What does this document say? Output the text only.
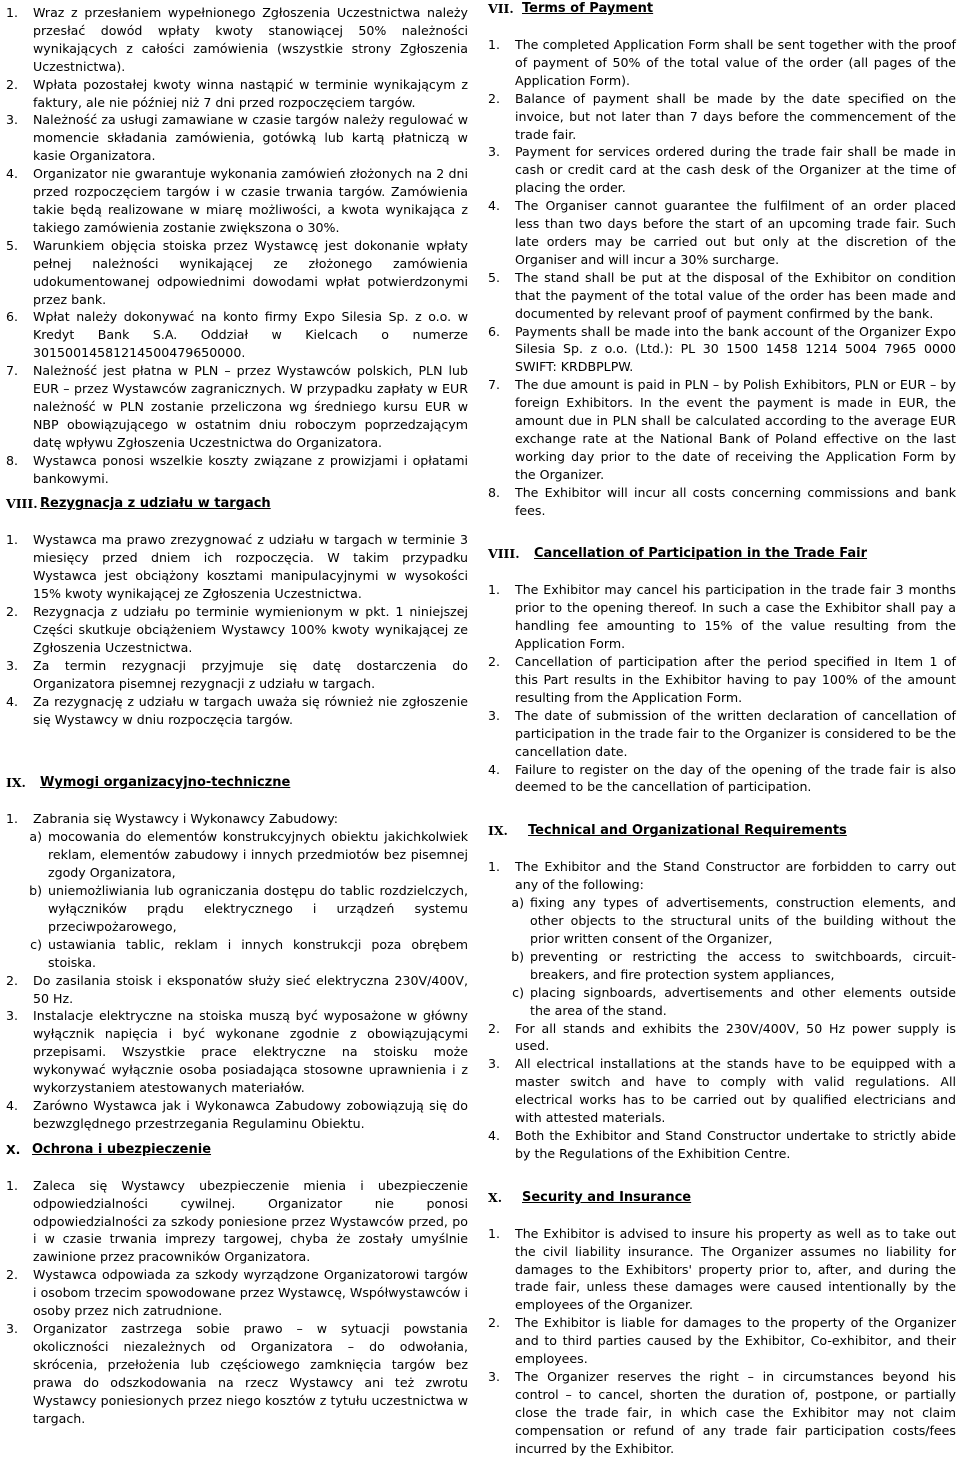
1.	Wraz z przesłaniem wypełnionego Zgłoszenia Uczestnictwa należy przesłać dowód wpłaty kwoty stanowiącej 50% należności wynikających z całości zamówienia (wszystkie strony Zgłoszenia Uczestnictwa).
2.	Wpłata pozostałej kwoty winna nastąpić w terminie wynikającym z faktury, ale nie później niż 7 dni przed rozpoczęciem targów.
3.	Należność za usługi zamawiane w czasie targów należy regulować w momencie składania zamówienia, gotówką lub kartą płatniczą w kasie Organizatora.
4.	Organizator nie gwarantuje wykonania zamówień złożonych na 2 dni przed rozpoczęciem targów i w czasie trwania targów. Zamówienia takie będą realizowane w miarę możliwości, a kwota wynikająca z takiego zamówienia zostanie zwiększona o 30%.
5.	Warunkiem objęcia stoiska przez Wystawcę jest dokonanie wpłaty pełnej należności wynikającej ze złożonego zamówienia udokumentowanej odpowiednimi dowodami wpłat potwierdzonymi przez bank.
6.	Wpłat należy dokonywać na konto firmy Expo Silesia Sp. z o.o. w Kredyt Bank S.A. Oddział w Kielcach o numerze 30150014581214500479650000.
7.	Należność jest płatna w PLN – przez Wystawców polskich, PLN lub EUR – przez Wystawców zagranicznych. W przypadku zapłaty w EUR należność w PLN zostanie przeliczona wg średniego kursu EUR w NBP obowiązującego w ostatnim dniu roboczym poprzedzającym datę wpływu Zgłoszenia Uczestnictwa do Organizatora.
8.	Wystawca ponosi wszelkie koszty związane z prowizjami i opłatami bankowymi.
VIII. Rezygnacja z udziału w targach
1.	Wystawca ma prawo zrezygnować z udziału w targach w terminie 3 miesięcy przed dniem ich rozpoczęcia. W takim przypadku Wystawca jest obciążony kosztami manipulacyjnymi w wysokości 15% kwoty wynikającej ze Zgłoszenia Uczestnictwa.
2.	Rezygnacja z udziału po terminie wymienionym w pkt. 1 niniejszej Części skutkuje obciążeniem Wystawcy 100% kwoty wynikającej ze Zgłoszenia Uczestnictwa.
3.	Za termin rezygnacji przyjmuje się datę dostarczenia do Organizatora pisemnej rezygnacji z udziału w targach.
4.	Za rezygnację z udziału w targach uważa się również nie zgłoszenie się Wystawcy w dniu rozpoczęcia targów.
IX.	Wymogi organizacyjno-techniczne
1.	Zabrania się Wystawcy i Wykonawcy Zabudowy:
a) mocowania do elementów konstrukcyjnych obiektu jakichkolwiek reklam, elementów zabudowy i innych przedmiotów bez pisemnej zgody Organizatora,
b) uniemożliwiania lub ograniczania dostępu do tablic rozdzielczych, wyłączników prądu elektrycznego i urządzeń systemu przeciwpożarowego,
c) ustawiania tablic, reklam i innych konstrukcji poza obrębem stoiska.
2.	Do zasilania stoisk i eksponatów służy sieć elektryczna 230V/400V, 50 Hz.
3.	Instalacje elektryczne na stoiska muszą być wyposażone w główny wyłącznik napięcia i być wykonane zgodnie z obowiązującymi przepisami. Wszystkie prace elektryczne na stoisku może wykonywać wyłącznie osoba posiadająca stosowne uprawnienia i z wykorzystaniem atestowanych materiałów.
4.	Zarówno Wystawca jak i Wykonawca Zabudowy zobowiązują się do bezwzględnego przestrzegania Regulaminu Obiektu.
X. Ochrona i ubezpieczenie
1.	Zaleca się Wystawcy ubezpieczenie mienia i ubezpieczenie odpowiedzialności cywilnej. Organizator nie ponosi odpowiedzialności za szkody poniesione przez Wystawców przed, po i w czasie trwania imprezy targowej, chyba że zostały umyślnie zawinione przez pracowników Organizatora.
2.	Wystawca odpowiada za szkody wyrządzone Organizatorowi targów i osobom trzecim spowodowane przez Wystawcę, Współwystawców i osoby przez nich zatrudnione.
3.	Organizator zastrzega sobie prawo – w sytuacji powstania okoliczności niezależnych od Organizatora – do odwołania, skrócenia, przełożenia lub częściowego zamknięcia targów bez prawa do odszkodowania na rzecz Wystawcy ani też zwrotu Wystawcy poniesionych przez niego kosztów z tytułu uczestnictwa w targach.
VII. Terms of Payment
1.	The completed Application Form shall be sent together with the proof of payment of 50% of the total value of the order (all pages of the Application Form).
2.	Balance of payment shall be made by the date specified on the invoice, but not later than 7 days before the commencement of the trade fair.
3.	Payment for services ordered during the trade fair shall be made in cash or credit card at the cash desk of the Organizer at the time of placing the order.
4.	The Organiser cannot guarantee the fulfilment of an order placed less than two days before the start of an upcoming trade fair. Such late orders may be carried out but only at the discretion of the Organiser and will incur a 30% surcharge.
5.	The stand shall be put at the disposal of the Exhibitor on condition that the payment of the total value of the order has been made and documented by relevant proof of payment confirmed by the bank.
6.	Payments shall be made into the bank account of the Organizer Expo Silesia Sp. z o.o. (Ltd.): PL 30 1500 1458 1214 5004 7965 0000 SWIFT: KRDBPLPW.
7.	The due amount is paid in PLN – by Polish Exhibitors, PLN or EUR – by foreign Exhibitors. In the event the payment is made in EUR, the amount due in PLN shall be calculated according to the average EUR exchange rate at the National Bank of Poland effective on the last working day prior to the date of receiving the Application Form by the Organizer.
8.	The Exhibitor will incur all costs concerning commissions and bank fees.
VIII.	Cancellation of Participation in the Trade Fair
1.	The Exhibitor may cancel his participation in the trade fair 3 months prior to the opening thereof. In such a case the Exhibitor shall pay a handling fee amounting to 15% of the value resulting from the Application Form.
2.	Cancellation of participation after the period specified in Item 1 of this Part results in the Exhibitor having to pay 100% of the amount resulting from the Application Form.
3.	The date of submission of the written declaration of cancellation of participation in the trade fair to the Organizer is considered to be the cancellation date.
4.	Failure to register on the day of the opening of the trade fair is also deemed to be the cancellation of participation.
IX.	Technical and Organizational Requirements
1.	The Exhibitor and the Stand Constructor are forbidden to carry out any of the following:
a) fixing any types of advertisements, construction elements, and other objects to the structural units of the building without the prior written consent of the Organizer,
b) preventing or restricting the access to switchboards, circuit-breakers, and fire protection system appliances,
c) placing signboards, advertisements and other elements outside the area of the stand.
2.	For all stands and exhibits the 230V/400V, 50 Hz power supply is used.
3.	All electrical installations at the stands have to be equipped with a master switch and have to comply with valid regulations. All electrical works has to be carried out by qualified electricians and with attested materials.
4.	Both the Exhibitor and Stand Constructor undertake to strictly abide by the Regulations of the Exhibition Centre.
X.	Security and Insurance
1.	The Exhibitor is advised to insure his property as well as to take out the civil liability insurance. The Organizer assumes no liability for damages to the Exhibitors' property prior to, after, and during the trade fair, unless these damages were caused intentionally by the employees of the Organizer.
2.	The Exhibitor is liable for damages to the property of the Organizer and to third parties caused by the Exhibitor, Co-exhibitor, and their employees.
3.	The Organizer reserves the right – in circumstances beyond his control – to cancel, shorten the duration of, postpone, or partially close the trade fair, in which case the Exhibitor may not claim compensation or refund of any trade fair participation costs/fees incurred by the Exhibitor.
